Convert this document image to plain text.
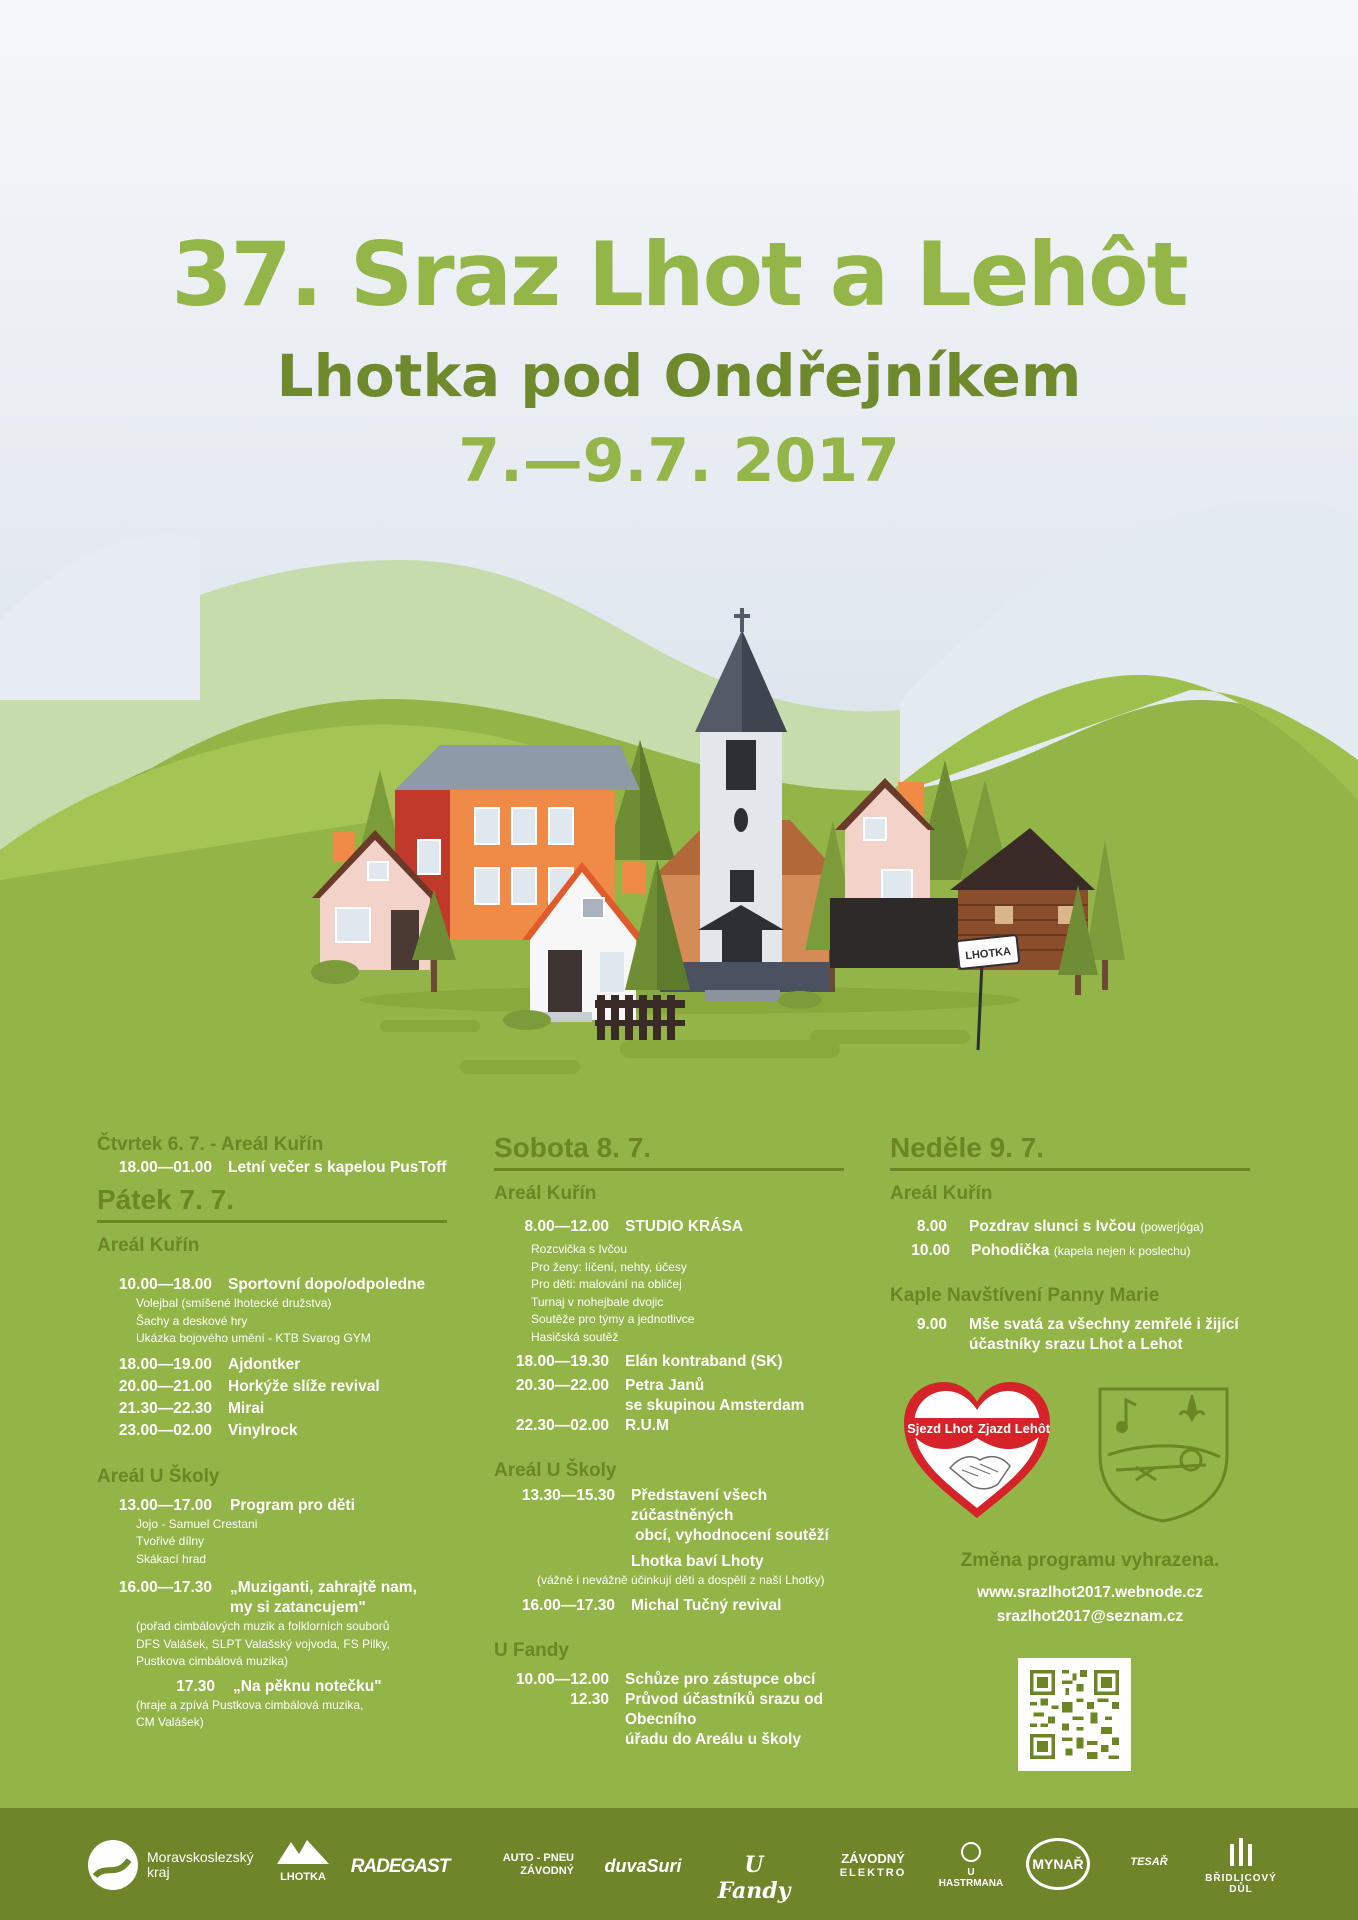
LHOTKA
37. Sraz Lhot a Lehôt
Lhotka pod Ondřejníkem
7.—9.7. 2017
Čtvrtek 6. 7. - Areál Kuřín
18.00—01.00	Letní večer s kapelou PusToff
Pátek 7. 7.
Areál Kuřín
10.00—18.00	Sportovní dopo/odpoledne
Volejbal (smíšené lhotecké družstva)
Šachy a deskové hry
Ukázka bojového umění - KTB Svarog GYM
18.00—19.00	Ajdontker
20.00—21.00	Horkýže slíže revival
21.30—22.30	Mirai
23.00—02.00	Vinylrock
Areál U Školy
13.00—17.00	Program pro děti
Jojo - Samuel Crestani
Tvořivé dílny
Skákací hrad
16.00—17.30	„Muziganti, zahrajtě nam,
my si zatancujem"
(pořad cimbálových muzik a folklorních souborů
DFS Valášek, SLPT Valašský vojvoda, FS Pilky,
Pustkova cimbálová muzika)
17.30	„Na pěknu notečku"
(hraje a zpívá Pustkova cimbálová muzika,
CM Valášek)
Sobota 8. 7.
Areál Kuřín
8.00—12.00	STUDIO KRÁSA
Rozcvička s Ivčou
Pro ženy: líčení, nehty, účesy
Pro děti: malování na obličej
Turnaj v nohejbale dvojic
Soutěže pro týmy a jednotlivce
Hasičská soutěž
18.00—19.30	Elán kontraband (SK)
20.30—22.00	Petra Janů
se skupinou Amsterdam
22.30—02.00	R.U.M
Areál U Školy
13.30—15.30	Představení všech zúčastněných
obcí, vyhodnocení soutěží
Lhotka baví Lhoty
(vážně i nevážně účinkují děti a dospělí z naší Lhotky)
16.00—17.30	Michal Tučný revival
U Fandy
10.00—12.00	Schůze pro zástupce obcí
12.30	Průvod účastníků srazu od Obecního
úřadu do Areálu u školy
Neděle 9. 7.
Areál Kuřín
8.00	Pozdrav slunci s Ivčou (powerjóga)
10.00	Pohodička (kapela nejen k poslechu)
Kaple Navštívení Panny Marie
9.00	Mše svatá za všechny zemřelé i žijící
účastníky srazu Lhot a Lehot
Sjezd Lhot Zjazd Lehôt
Změna programu vyhrazena.
www.srazlhot2017.webnode.cz
srazlhot2017@seznam.cz
Moravskoslezský
kraj	LHOTKA RADEGAST	AUTO - PNEU
ZÁVODNÝ	duvaSuri	U Fandy
ZÁVODNÝ
ELEKTRO	U HASTRMANA
MYNAŘ	TESAŘ
BŘIDLICOVÝ DŮL
